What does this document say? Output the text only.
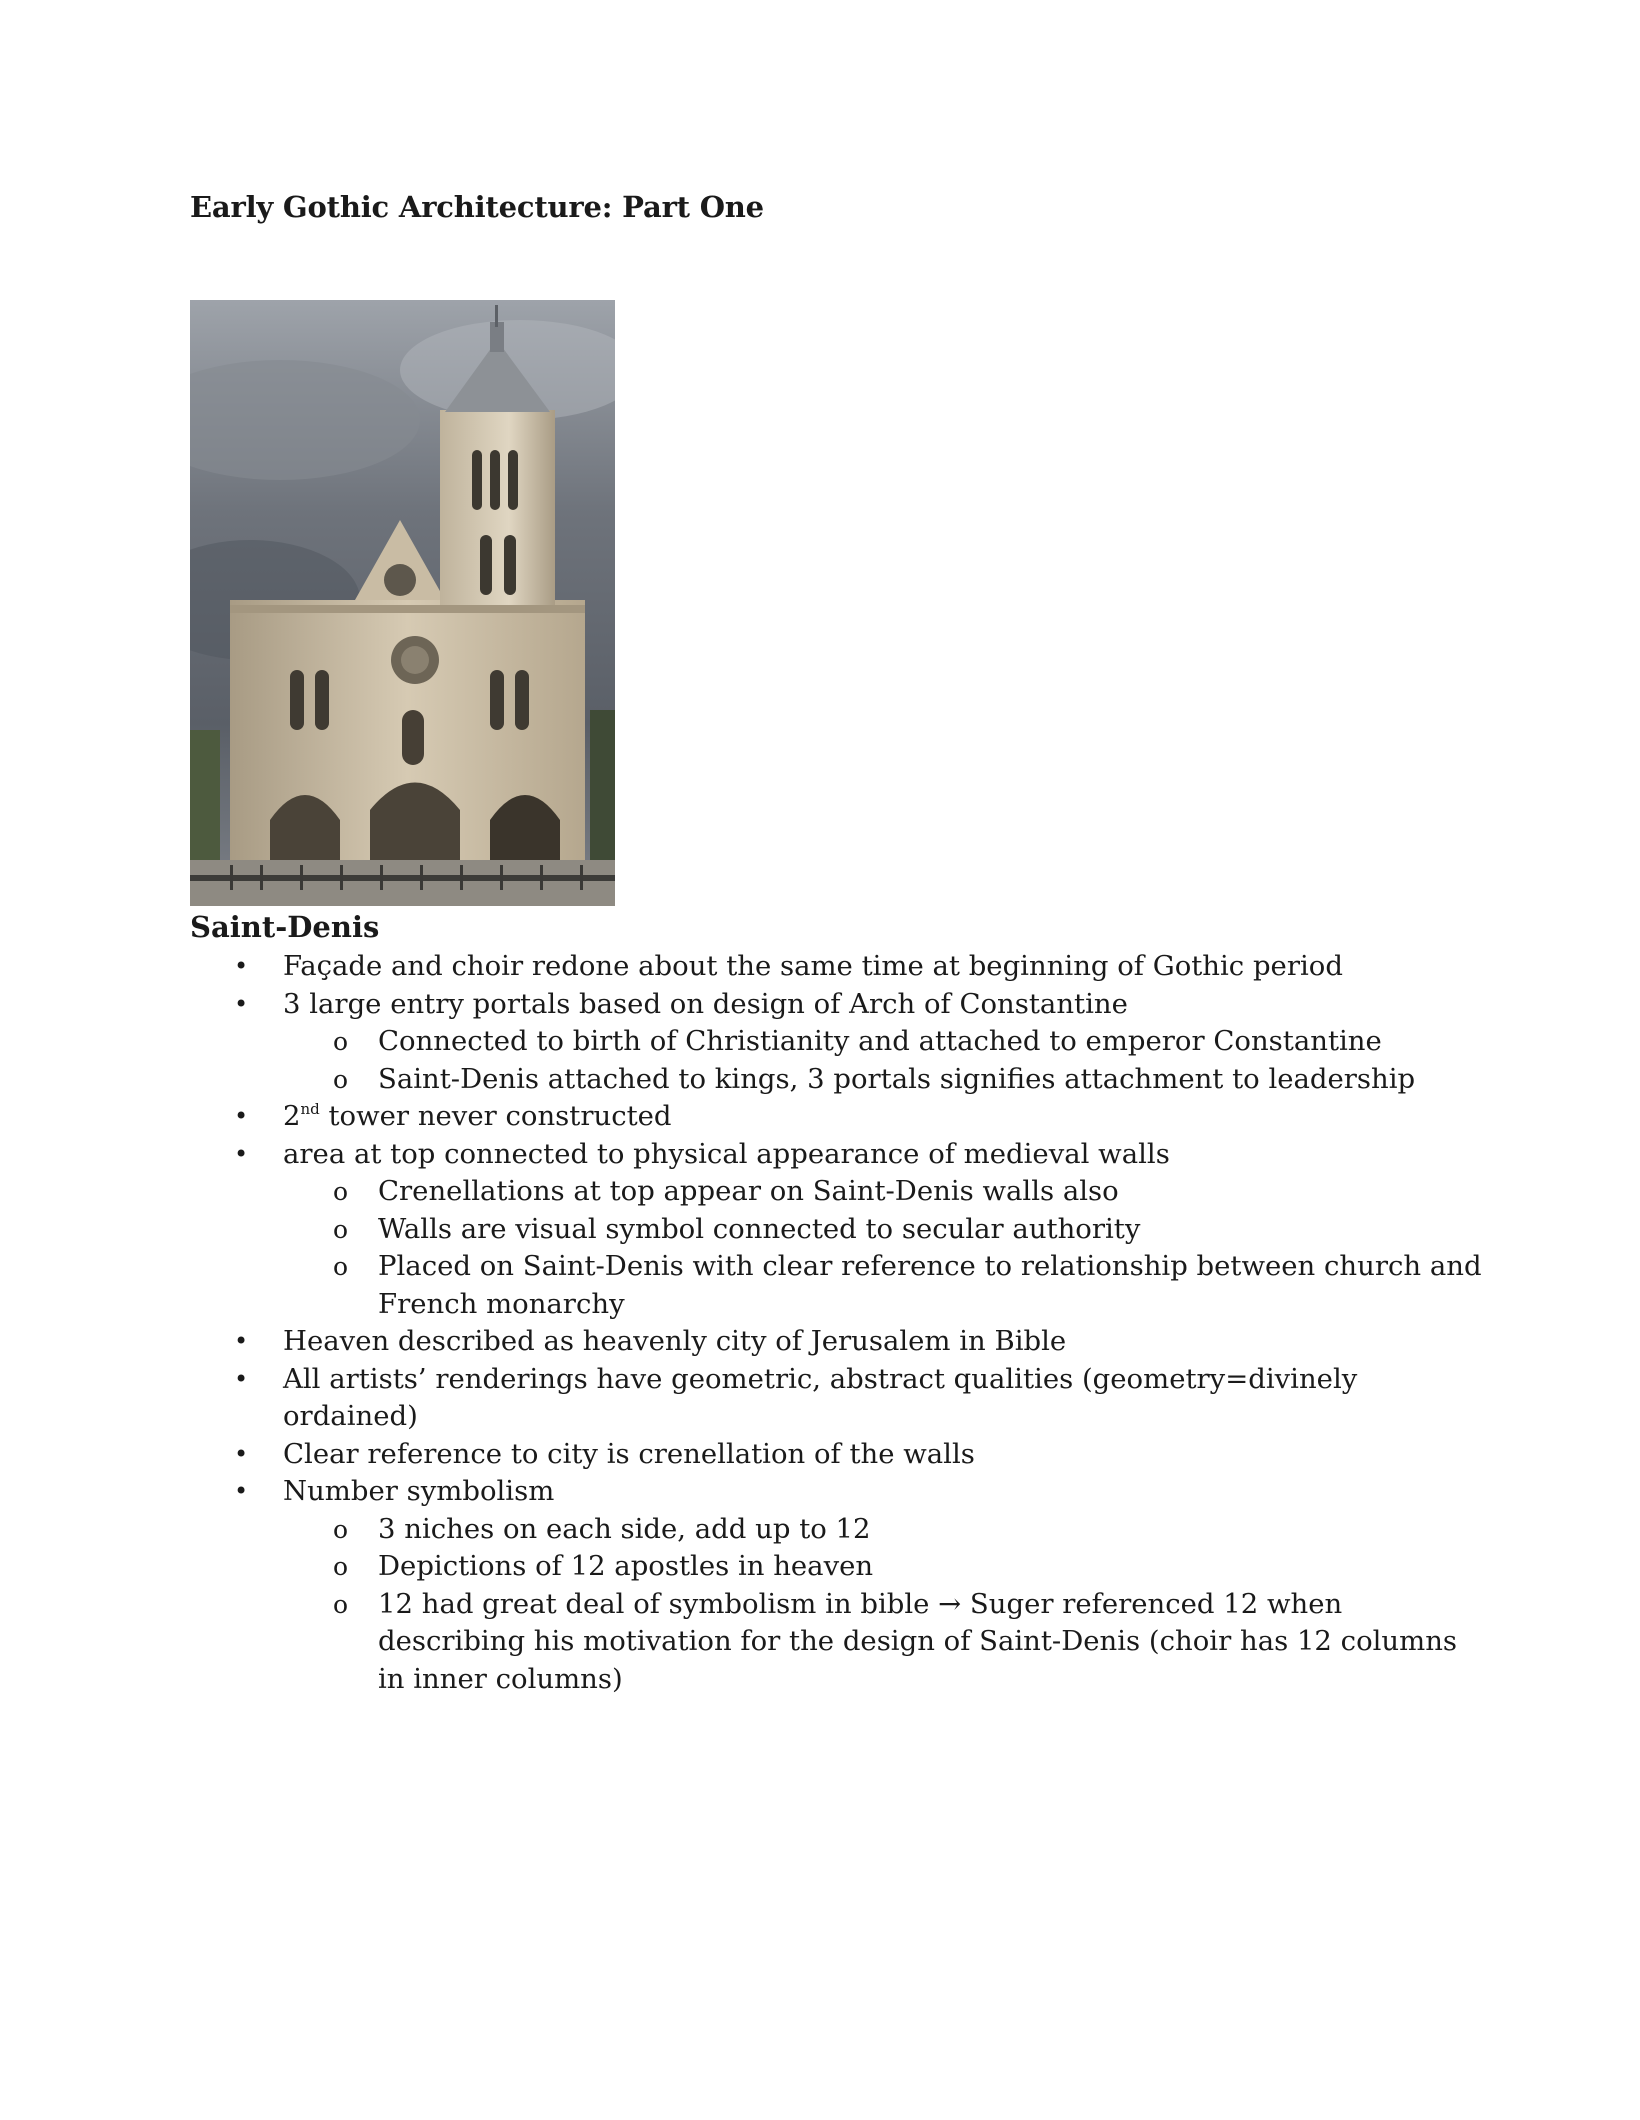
Early Gothic Architecture: Part One
Saint-Denis
• Façade and choir redone about the same time at beginning of Gothic period
• 3 large entry portals based on design of Arch of Constantine
o Connected to birth of Christianity and attached to emperor Constantine
o Saint-Denis attached to kings, 3 portals signifies attachment to leadership
• 2nd tower never constructed
• area at top connected to physical appearance of medieval walls
o Crenellations at top appear on Saint-Denis walls also
o Walls are visual symbol connected to secular authority
o Placed on Saint-Denis with clear reference to relationship between church and French monarchy
• Heaven described as heavenly city of Jerusalem in Bible
• All artists’ renderings have geometric, abstract qualities (geometry=divinely ordained)
• Clear reference to city is crenellation of the walls
• Number symbolism
o 3 niches on each side, add up to 12
o Depictions of 12 apostles in heaven
o 12 had great deal of symbolism in bible → Suger referenced 12 when describing his motivation for the design of Saint-Denis (choir has 12 columns in inner columns)
